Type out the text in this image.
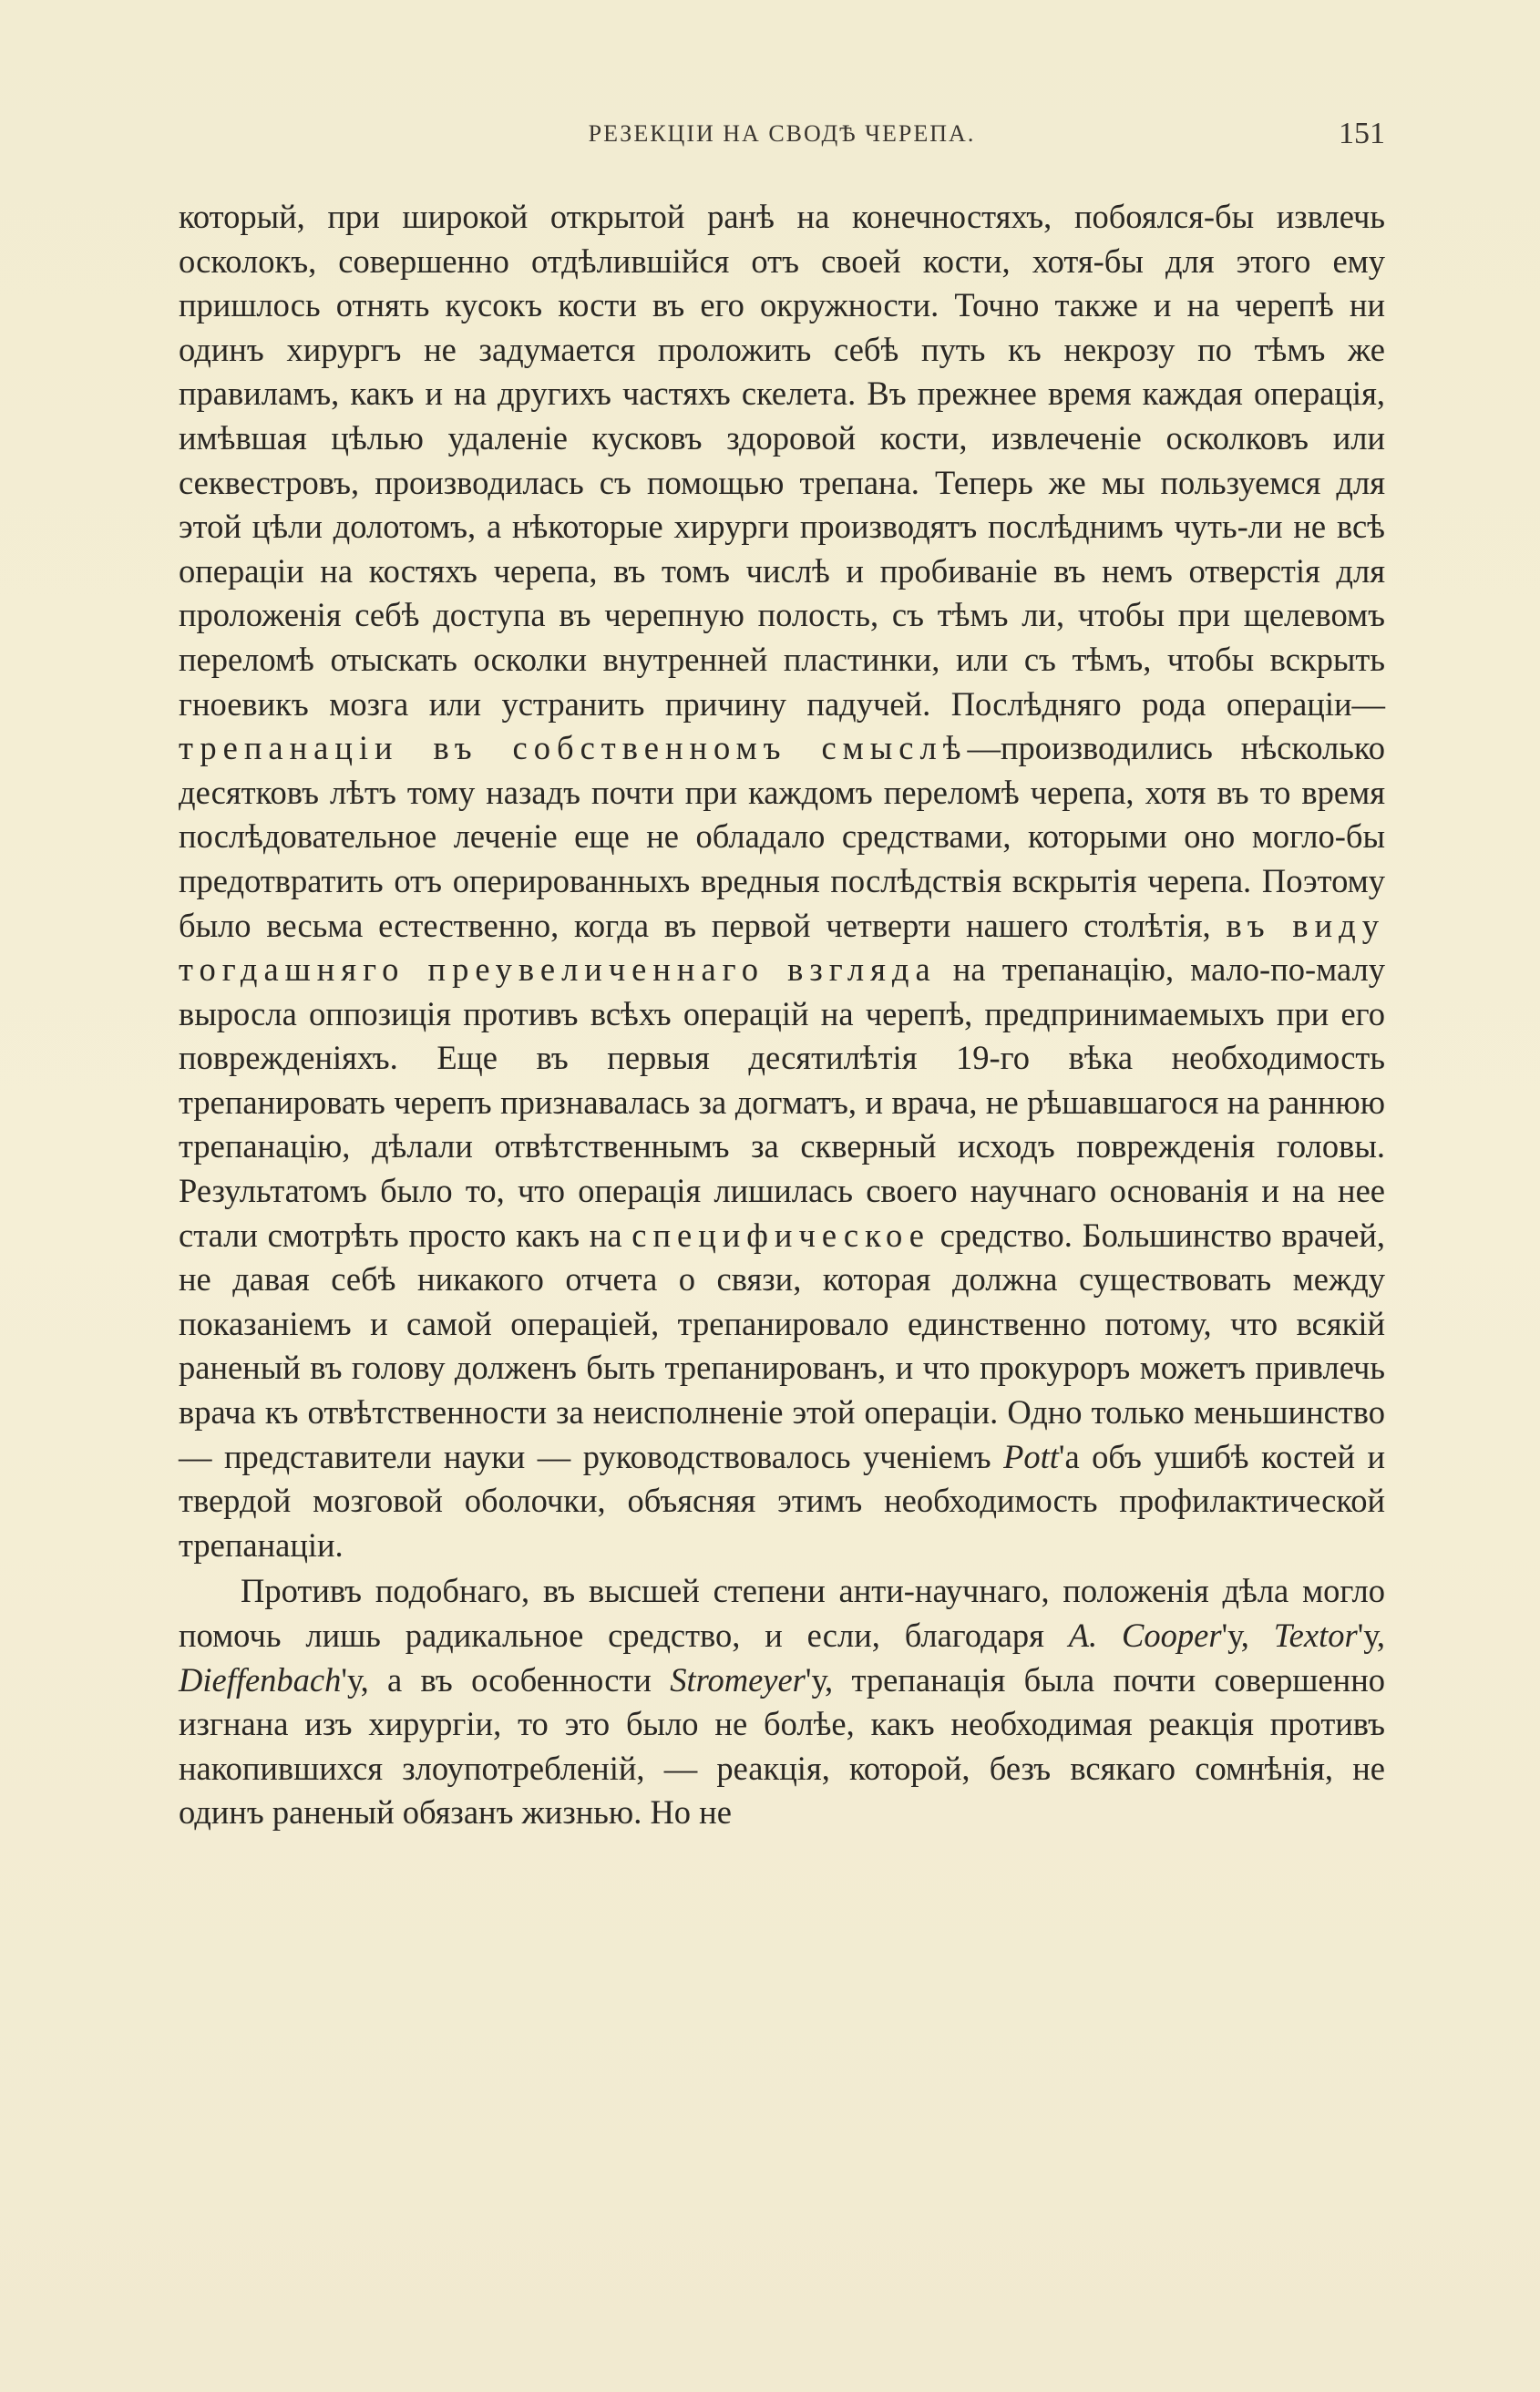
РЕЗЕКЦIИ НА СВОДѢ ЧЕРЕПА.	151

который, при широкой открытой ранѣ на конечностяхъ, побоялся-бы извлечь осколокъ, совершенно отдѣлившiйся отъ своей кости, хотя-бы для этого ему пришлось отнять кусокъ кости въ его окружности. Точно также и на черепѣ ни одинъ хирургъ не задумается проложить себѣ путь къ некрозу по тѣмъ же правиламъ, какъ и на другихъ частяхъ скелета. Въ прежнее время каждая операцiя, имѣвшая цѣлью удаленiе кусковъ здоровой кости, извлеченiе осколковъ или секвестровъ, производилась съ помощью трепана. Теперь же мы пользуемся для этой цѣли долотомъ, а нѣкоторые хирурги производятъ послѣднимъ чуть-ли не всѣ операцiи на костяхъ черепа, въ томъ числѣ и пробиванiе въ немъ отверстiя для проложенiя себѣ доступа въ черепную полость, съ тѣмъ ли, чтобы при щелевомъ переломѣ отыскать осколки внутренней пластинки, или съ тѣмъ, чтобы вскрыть гноевикъ мозга или устранить причину падучей. Послѣдняго рода операцiи—трепанацiи въ собственномъ смыслѣ—производились нѣсколько десятковъ лѣтъ тому назадъ почти при каждомъ переломѣ черепа, хотя въ то время послѣдовательное леченiе еще не обладало средствами, которыми оно могло-бы предотвратить отъ оперированныхъ вредныя послѣдствiя вскрытiя черепа. Поэтому было весьма естественно, когда въ первой четверти нашего столѣтiя, въ виду тогдашняго преувеличеннаго взгляда на трепанацiю, мало-по-малу выросла оппозицiя противъ всѣхъ операцiй на черепѣ, предпринимаемыхъ при его поврежденiяхъ. Еще въ первыя десятилѣтiя 19-го вѣка необходимость трепанировать черепъ признавалась за догматъ, и врача, не рѣшавшагося на раннюю трепанацiю, дѣлали отвѣтственнымъ за скверный исходъ поврежденiя головы. Результатомъ было то, что операцiя лишилась своего научнаго основанiя и на нее стали смотрѣть просто какъ на специфическое средство. Большинство врачей, не давая себѣ никакого отчета о связи, которая должна существовать между показанiемъ и самой операцiей, трепанировало единственно потому, что всякiй раненый въ голову долженъ быть трепанированъ, и что прокуроръ можетъ привлечь врача къ отвѣтственности за неисполненiе этой операцiи. Одно только меньшинство — представители науки — руководствовалось ученiемъ Pott'а объ ушибѣ костей и твердой мозговой оболочки, объясняя этимъ необходимость профилактической трепанацiи.

Противъ подобнаго, въ высшей степени анти-научнаго, положенiя дѣла могло помочь лишь радикальное средство, и если, благодаря A. Cooper'у, Textor'у, Dieffenbach'у, а въ особенности Stromeyer'у, трепанацiя была почти совершенно изгнана изъ хирургiи, то это было не болѣе, какъ необходимая реакцiя противъ накопившихся злоупотребленiй, — реакцiя, которой, безъ всякаго сомнѣнiя, не одинъ раненый обязанъ жизнью. Но не
